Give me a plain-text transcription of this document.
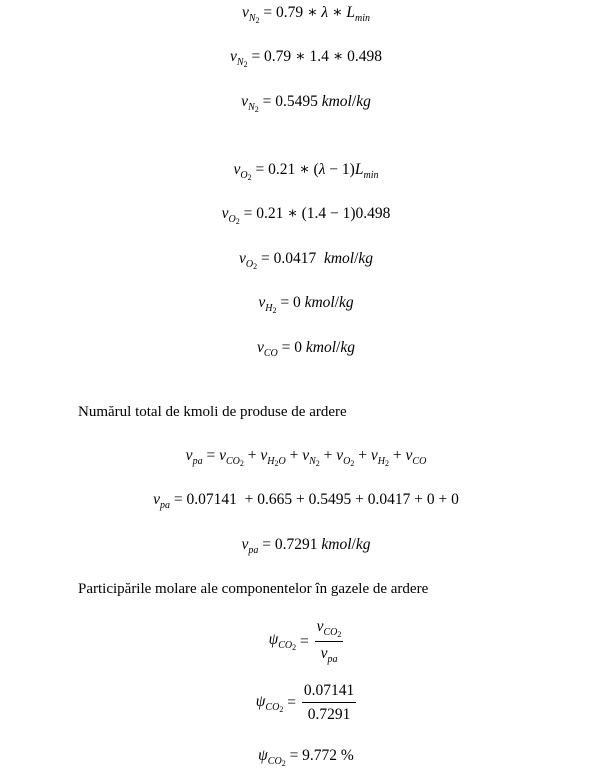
$\nu_{N_2} = 0.79$ ∗ λ ∗ $L_{min}$
$\nu_{N_2} = 0.79$ ∗ 1.4 ∗ 0.498
$\nu_{N_2} = 0.5495$ kmol/kg
$\nu_{O_2} = 0.21$ ∗ $(\lambda - 1)L_{min}$
$\nu_{O_2} = 0.21$ ∗ (1.4 − 1)0.498
$\nu_{O_2} = 0.0417$  kmol/kg
$\nu_{H_2} = 0$ kmol/kg
$\nu_{CO} = 0$ kmol/kg
Numărul total de kmoli de produse de ardere
$\nu_{pa} = \nu_{CO_2} + \nu_{H_2O} + \nu_{N_2} + \nu_{O_2} + \nu_{H_2} + \nu_{CO}$
$\nu_{pa} = 0.07141 + 0.665 + 0.5495 + 0.0417 + 0 + 0$
$\nu_{pa} = 0.7291$ kmol/kg
Participările molare ale componentelor în gazele de ardere
$\psi_{CO_2} = \frac{\nu_{CO_2}}{\nu_{pa}}$
$\psi_{CO_2} = \frac{0.07141}{0.7291}$
$\psi_{CO_2} = 9.772$ %
